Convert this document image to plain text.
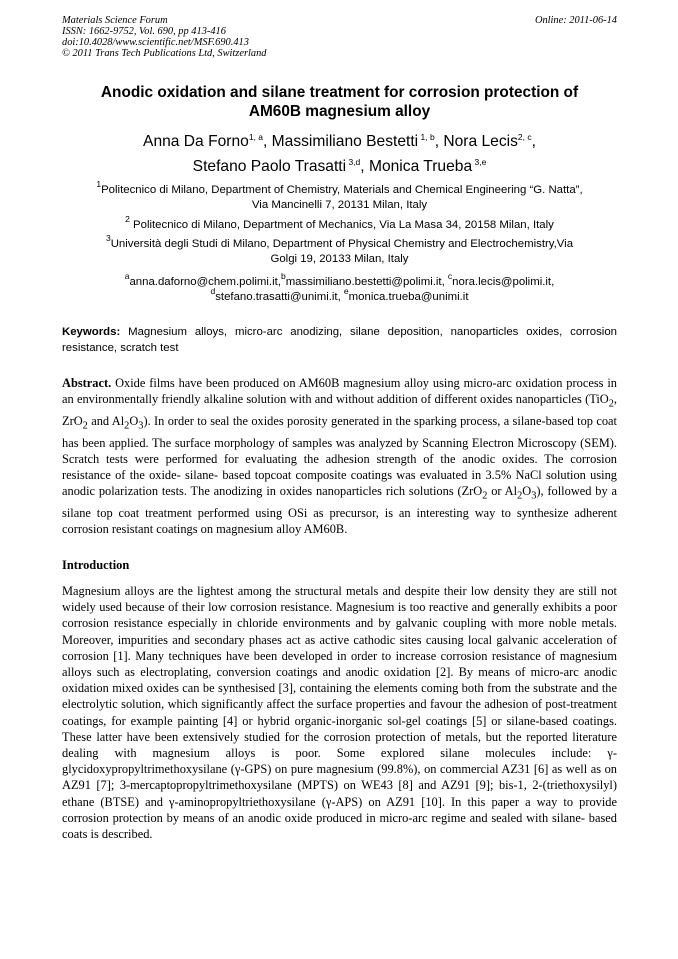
Materials Science Forum
ISSN: 1662-9752, Vol. 690, pp 413-416
doi:10.4028/www.scientific.net/MSF.690.413
© 2011 Trans Tech Publications Ltd, Switzerland
Online: 2011-06-14
Anodic oxidation and silane treatment for corrosion protection of
AM60B magnesium alloy
Anna Da Forno$^{1, a}$, Massimiliano Bestetti $^{1, b}$, Nora Lecis$^{2, c}$,
Stefano Paolo Trasatti $^{3,d}$, Monica Trueba $^{3,e}$
$^1$Politecnico di Milano, Department of Chemistry, Materials and Chemical Engineering “G. Natta”,
Via Mancinelli 7, 20131 Milan, Italy
$^2$ Politecnico di Milano, Department of Mechanics, Via La Masa 34, 20158 Milan, Italy
$^3$Università degli Studi di Milano, Department of Physical Chemistry and Electrochemistry,Via
Golgi 19, 20133 Milan, Italy
$^a$anna.daforno@chem.polimi.it,$^b$massimiliano.bestetti@polimi.it, $^c$nora.lecis@polimi.it,
$^d$stefano.trasatti@unimi.it, $^e$monica.trueba@unimi.it
Keywords: Magnesium alloys, micro-arc anodizing, silane deposition, nanoparticles oxides, corrosion resistance, scratch test
Abstract. Oxide films have been produced on AM60B magnesium alloy using micro-arc oxidation process in an environmentally friendly alkaline solution with and without addition of different oxides nanoparticles (TiO$_2$, ZrO$_2$ and $Al_2O_3$). In order to seal the oxides porosity generated in the sparking process, a silane-based top coat has been applied. The surface morphology of samples was analyzed by Scanning Electron Microscopy (SEM). Scratch tests were performed for evaluating the adhesion strength of the anodic oxides. The corrosion resistance of the oxide- silane- based topcoat composite coatings was evaluated in 3.5% NaCl solution using anodic polarization tests. The anodizing in oxides nanoparticles rich solutions (ZrO$_2$ or $Al_2O_3$), followed by a silane top coat treatment performed using OSi as precursor, is an interesting way to synthesize adherent corrosion resistant coatings on magnesium alloy AM60B.
Introduction
Magnesium alloys are the lightest among the structural metals and despite their low density they are still not widely used because of their low corrosion resistance. Magnesium is too reactive and generally exhibits a poor corrosion resistance especially in chloride environments and by galvanic coupling with more noble metals. Moreover, impurities and secondary phases act as active cathodic sites causing local galvanic acceleration of corrosion [1]. Many techniques have been developed in order to increase corrosion resistance of magnesium alloys such as electroplating, conversion coatings and anodic oxidation [2]. By means of micro-arc anodic oxidation mixed oxides can be synthesised [3], containing the elements coming both from the substrate and the electrolytic solution, which significantly affect the surface properties and favour the adhesion of post-treatment coatings, for example painting [4] or hybrid organic-inorganic sol-gel coatings [5] or silane-based coatings. These latter have been extensively studied for the corrosion protection of metals, but the reported literature dealing with magnesium alloys is poor. Some explored silane molecules include: γ-glycidoxypropyltrimethoxysilane (γ-GPS) on pure magnesium (99.8%), on commercial AZ31 [6] as well as on AZ91 [7]; 3-mercaptopropyltrimethoxysilane (MPTS) on WE43 [8] and AZ91 [9]; bis-1, 2-(triethoxysilyl) ethane (BTSE) and γ-aminopropyltriethoxysilane (γ-APS) on AZ91 [10]. In this paper a way to provide corrosion protection by means of an anodic oxide produced in micro-arc regime and sealed with silane- based coats is described.
